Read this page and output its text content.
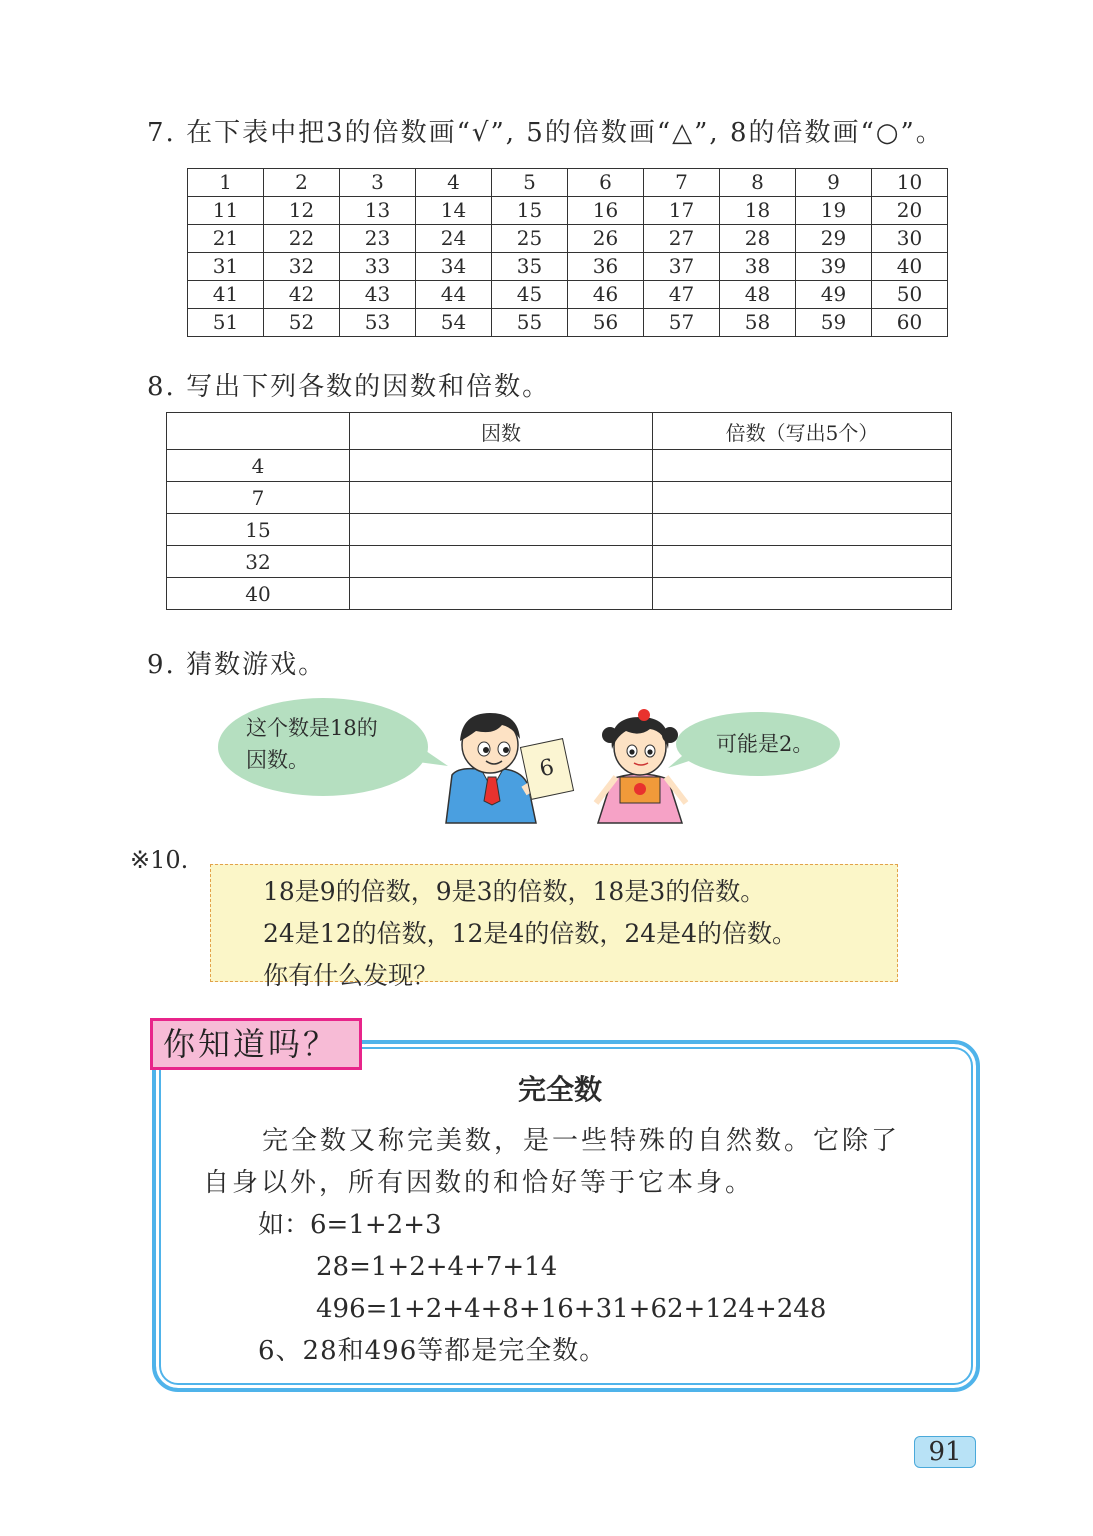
7. 在下表中把3的倍数画“√”, 5的倍数画“△”, 8的倍数画“○”。
1	2	3	4	5	6	7	8	9	10
11	12	13	14	15	16	17	18	19	20
21	22	23	24	25	26	27	28	29	30
31	32	33	34	35	36	37	38	39	40
41	42	43	44	45	46	47	48	49	50
51	52	53	54	55	56	57	58	59	60
8. 写出下列各数的因数和倍数。
	因数	倍数（写出5个）
4		
7		
15		
32		
40		
9. 猜数游戏。
这个数是18的
因数。
可能是2。
6
※10.
18是9的倍数，9是3的倍数，18是3的倍数。
24是12的倍数，12是4的倍数，24是4的倍数。
你有什么发现？
你知道吗？
完全数
完全数又称完美数，是一些特殊的自然数。它除了
自身以外，所有因数的和恰好等于它本身。
如：6=1+2+3
28=1+2+4+7+14
496=1+2+4+8+16+31+62+124+248
6、28和496等都是完全数。
91
